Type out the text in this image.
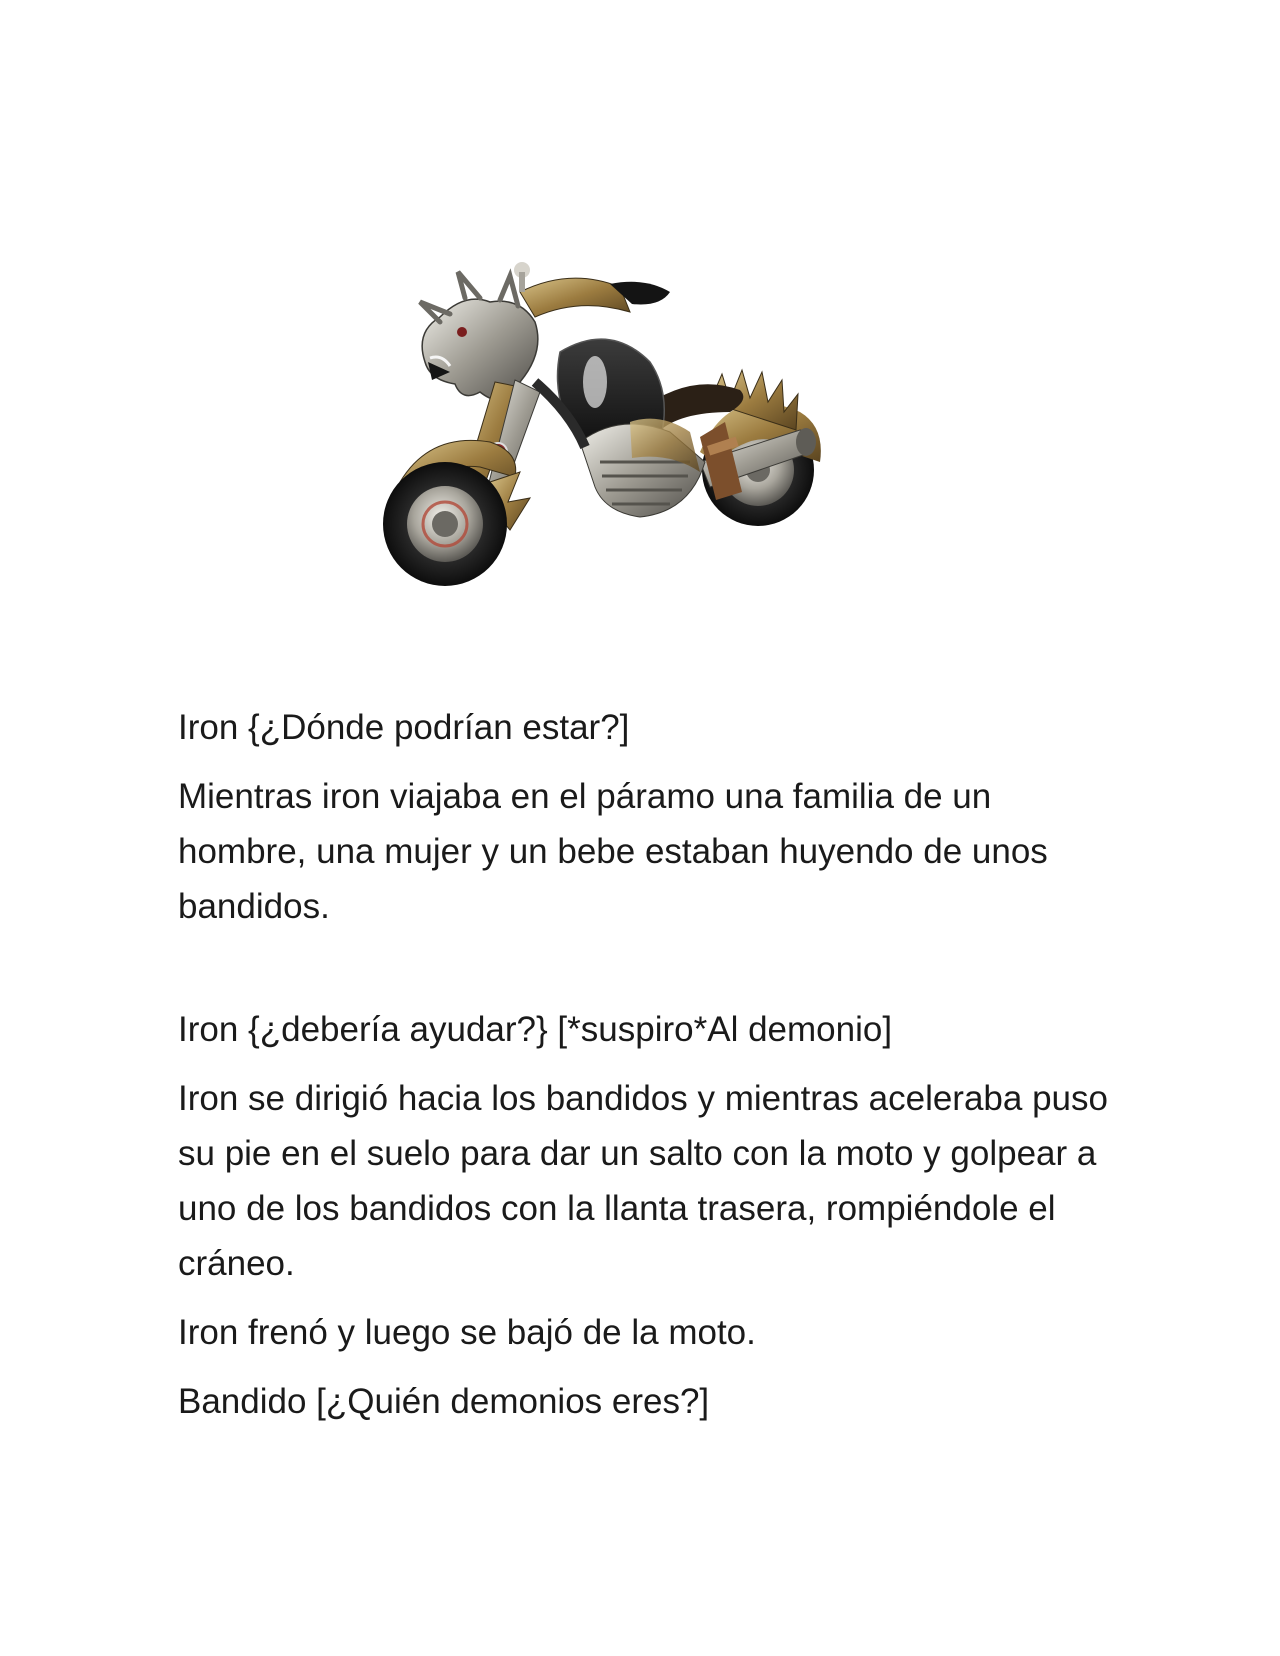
Iron {¿Dónde podrían estar?]

Mientras iron viajaba en el páramo una familia de un hombre, una mujer y un bebe estaban huyendo de unos bandidos.

Iron {¿debería ayudar?} [*suspiro*Al demonio]

Iron se dirigió hacia los bandidos y mientras aceleraba puso su pie en el suelo para dar un salto con la moto y golpear a uno de los bandidos con la llanta trasera, rompiéndole el cráneo.

Iron frenó y luego se bajó de la moto.

Bandido [¿Quién demonios eres?]
